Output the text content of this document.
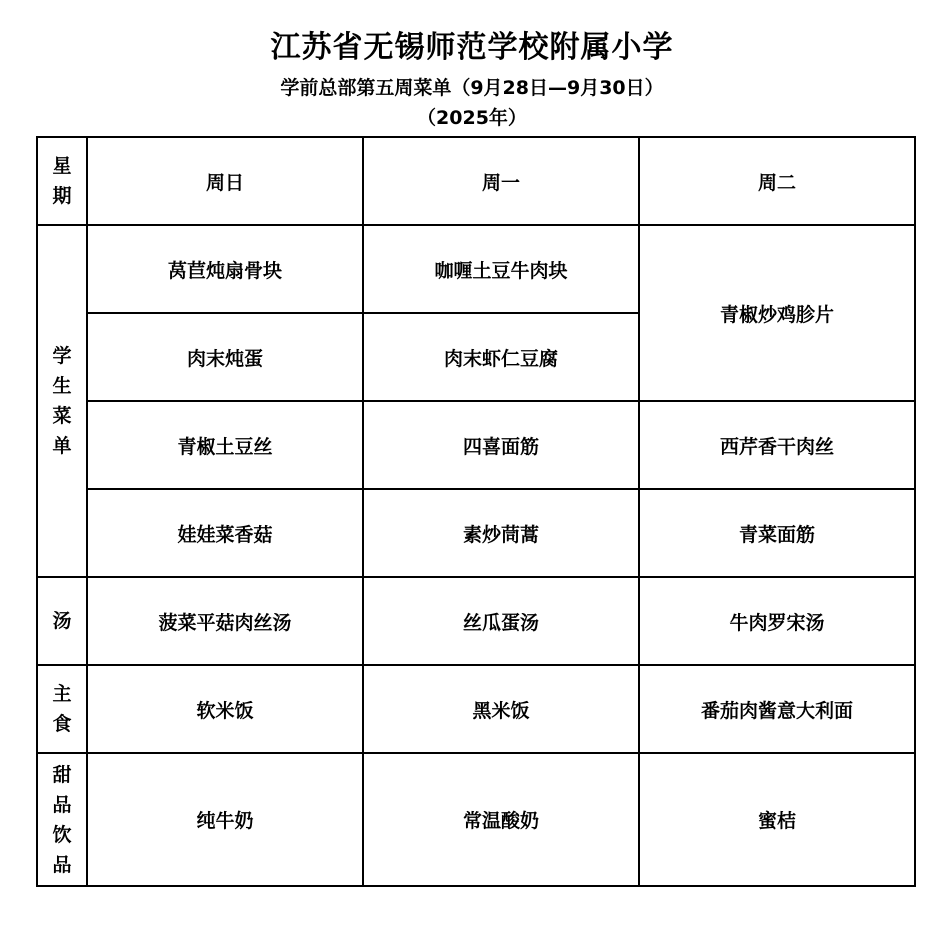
江苏省无锡师范学校附属小学
学前总部第五周菜单（9月28日—9月30日）
（2025年）
星期	周日	周一	周二
学生菜单	莴苣炖扇骨块	咖喱土豆牛肉块	青椒炒鸡胗片
	肉末炖蛋	肉末虾仁豆腐	
	青椒土豆丝	四喜面筋	西芹香干肉丝
	娃娃菜香菇	素炒茼蒿	青菜面筋
汤	菠菜平菇肉丝汤	丝瓜蛋汤	牛肉罗宋汤
主食	软米饭	黑米饭	番茄肉酱意大利面
甜品饮品	纯牛奶	常温酸奶	蜜桔
